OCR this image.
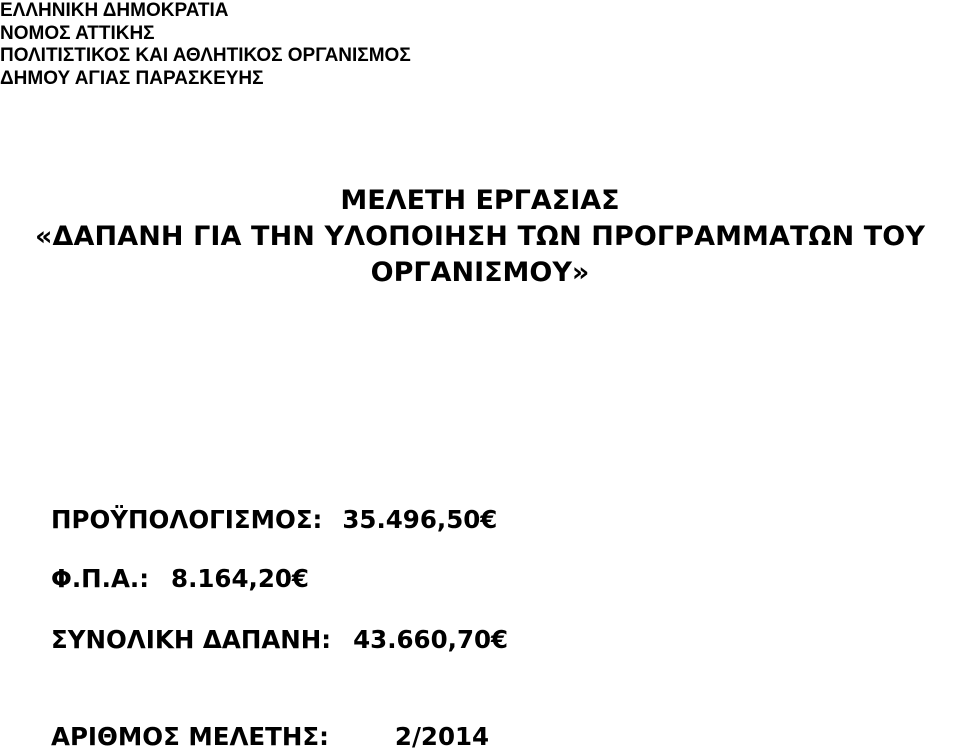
ΕΛΛΗΝΙΚΗ ΔΗΜΟΚΡΑΤΙΑ
ΝΟΜΟΣ ΑΤΤΙΚΗΣ
ΠΟΛΙΤΙΣΤΙΚΟΣ ΚΑΙ ΑΘΛΗΤΙΚΟΣ ΟΡΓΑΝΙΣΜΟΣ
ΔΗΜΟΥ ΑΓΙΑΣ ΠΑΡΑΣΚΕΥΗΣ
ΜΕΛΕΤΗ ΕΡΓΑΣΙΑΣ
«ΔΑΠΑΝΗ ΓΙΑ ΤΗΝ ΥΛΟΠΟΙΗΣΗ ΤΩΝ ΠΡΟΓΡΑΜΜΑΤΩΝ ΤΟΥ
ΟΡΓΑΝΙΣΜΟΥ»
ΠΡΟΫΠΟΛΟΓΙΣΜΟΣ: 35.496,50€
Φ.Π.Α.: 8.164,20€
ΣΥΝΟΛΙΚΗ ΔΑΠΑΝΗ: 43.660,70€
ΑΡΙΘΜΟΣ ΜΕΛΕΤΗΣ:	2/2014
